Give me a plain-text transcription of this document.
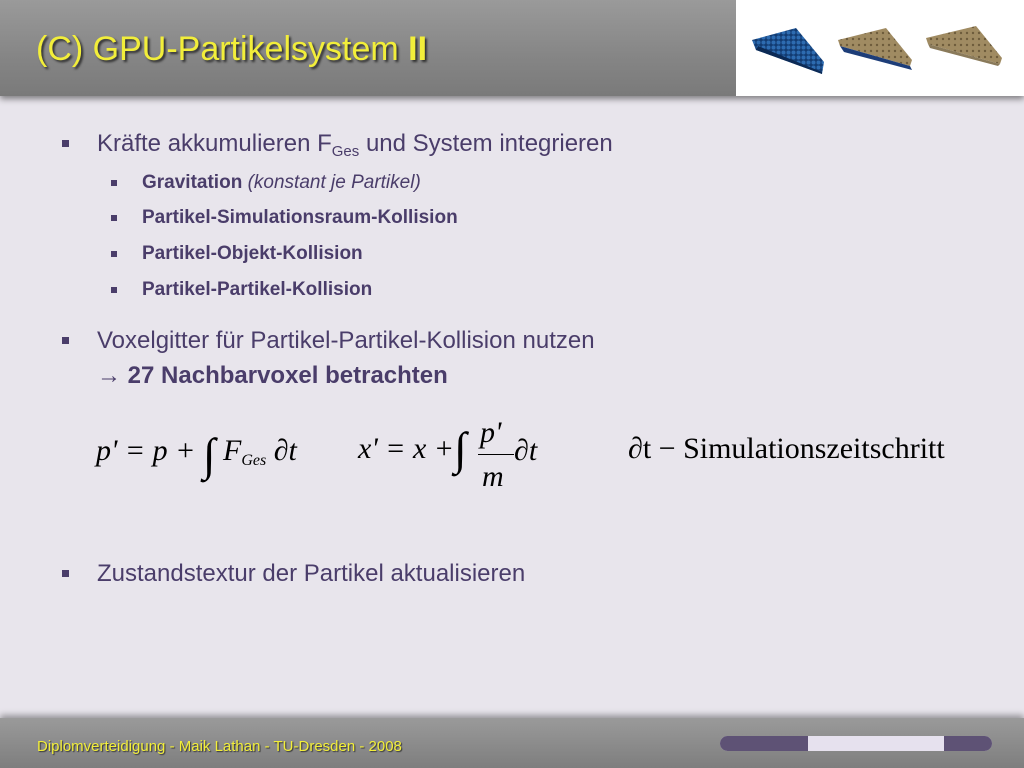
(C) GPU-Partikelsystem II
Kräfte akkumulieren $F_{Ges}$ und System integrieren
Gravitation (konstant je Partikel)
Partikel-Simulationsraum-Kollision
Partikel-Objekt-Kollision
Partikel-Partikel-Kollision
Voxelgitter für Partikel-Partikel-Kollision nutzen
→ 27 Nachbarvoxel betrachten
p' = p + ∫ $F_{Ges}$ ∂t x' = x + ∫ p'
m
∂t	∂t − Simulationszeitschritt
Zustandstextur der Partikel aktualisieren
Diplomverteidigung - Maik Lathan - TU-Dresden - 2008
